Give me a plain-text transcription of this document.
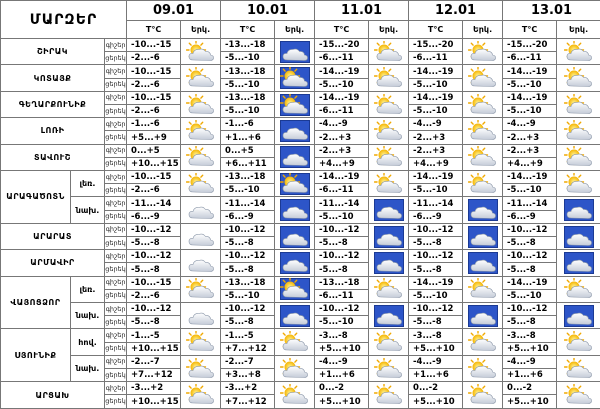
ՄԱՐԶԵՐ			09.01		10.01		11.01		12.01		13.01	
			T°C	Երկ.	T°C	Երկ.	T°C	Երկ.	T°C	Երկ.	T°C	Երկ.
ՇԻՐԱԿ		գիշեր	-10...-15		-13...-18		-15...-20		-15...-20		-15...-20	

		ցերեկ	-2...-6		-5...-10		-6...-11		-6...-11		-6...-11	
ԿՈՏԱՅՔ		գիշեր	-10...-15		-13...-18		-14...-19		-14...-19		-14...-19	

		ցերեկ	-2...-6		-5...-10		-5...-10		-5...-10		-5...-10	
ԳԵՂԱՐՔՈՒՆԻՔ		գիշեր	-10...-15		-13...-18		-14...-19		-14...-19		-14...-19	

		ցերեկ	-2...-6		-5...-10		-6...-11		-5...-10		-5...-10	
ԼՈՌԻ		գիշեր	-1...-6		-1...-6		-4...-9		-4...-9		-4...-9	

		ցերեկ	+5...+9		+1...+6		-2...+3		-2...+3		-2...+3	
ՏԱՎՈՒՇ		գիշեր	0...+5		0...+5		-2...+3		-2...+3		-2...+3	

		ցերեկ	+10...+15		+6...+11		+4...+9		+4...+9		+4...+9	
ԱՐԱԳԱԾՈՏՆ	լեռ.	գիշեր	-10...-15		-13...-18		-14...-19		-14...-19		-14...-19	

		ցերեկ	-2...-6		-5...-10		-6...-11		-5...-10		-5...-10	
	նախ.	գիշեր	-11...-14		-11...-14		-11...-14		-11...-14		-11...-14	

		ցերեկ	-6...-9		-6...-9		-5...-10		-6...-9		-6...-9	
ԱՐԱՐԱՏ		գիշեր	-10...-12		-10...-12		-10...-12		-10...-12		-10...-12	

		ցերեկ	-5...-8		-5...-8		-5...-8		-5...-8		-5...-8	
ԱՐՄԱՎԻՐ		գիշեր	-10...-12		-10...-12		-10...-12		-10...-12		-10...-12	

		ցերեկ	-5...-8		-5...-8		-5...-8		-5...-8		-5...-8	
ՎԱՅՈՑՁՈՐ	լեռ.	գիշեր	-10...-15		-13...-18		-13...-18		-14...-19		-14...-19	

		ցերեկ	-2...-6		-5...-10		-6...-11		-5...-10		-5...-10	
	նախ.	գիշեր	-10...-12		-10...-12		-10...-12		-10...-12		-10...-12	

		ցերեկ	-5...-8		-5...-8		-5...-10		-5...-8		-5...-8	
ՍՅՈՒՆԻՔ	հով.	գիշեր	-1...-5		-1...-5		-3...-8		-3...-8		-3...-8	

		ցերեկ	+10...+15		+7...+12		+5...+10		+5...+10		+5...+10	
	նախ.	գիշեր	-2...-7		-2...-7		-4...-9		-4...-9		-4...-9	

		ցերեկ	+7...+12		+3...+8		+1...+6		+1...+6		+1...+6	
ԱՐՑԱԽ		գիշեր	-3...+2		-3...+2		0...-2		0...-2		0...-2	

		ցերեկ	+10...+15		+7...+12		+5...+10		+5...+10		+5...+10	
